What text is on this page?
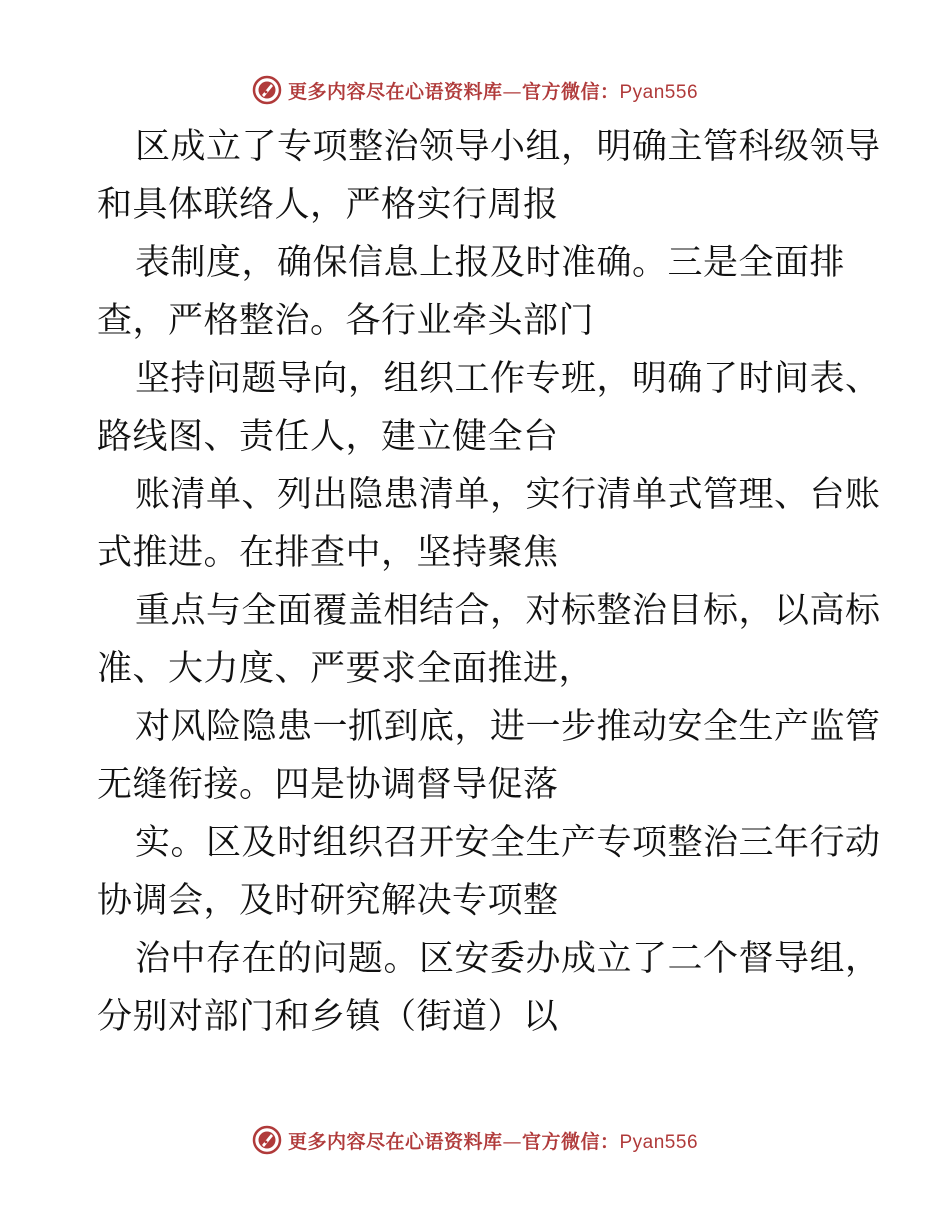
更多内容尽在心语资料库—官方微信：Pyan556
区成立了专项整治领导小组，明确主管科级领导
和具体联络人，严格实行周报
表制度，确保信息上报及时准确。三是全面排
查，严格整治。各行业牵头部门
坚持问题导向，组织工作专班，明确了时间表、
路线图、责任人，建立健全台
账清单、列出隐患清单，实行清单式管理、台账
式推进。在排查中，坚持聚焦
重点与全面覆盖相结合，对标整治目标，以高标
准、大力度、严要求全面推进，
对风险隐患一抓到底，进一步推动安全生产监管
无缝衔接。四是协调督导促落
实。区及时组织召开安全生产专项整治三年行动
协调会，及时研究解决专项整
治中存在的问题。区安委办成立了二个督导组，
分别对部门和乡镇（街道）以
更多内容尽在心语资料库—官方微信：Pyan556
